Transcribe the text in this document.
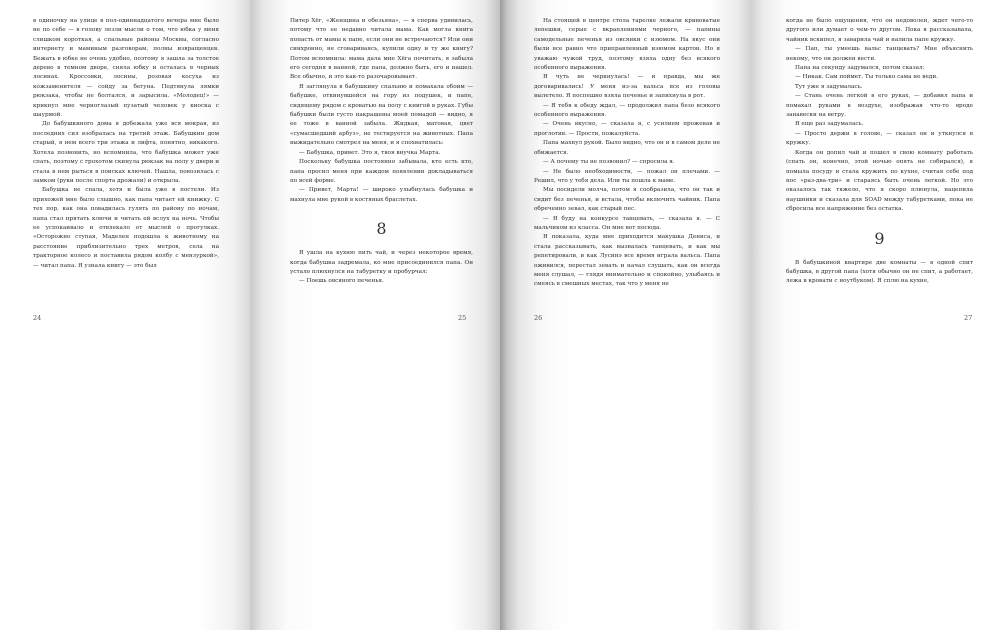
в одиночку на улице в пол-одиннадцатого вечера мне было не по себе — в голову лезли мысли о том, что юбка у меня слишком короткая, а спальные районы Москвы, согласно интернету и маминым разговорам, полны извращенцев. Бежать в юбке не очень удобно, поэтому я зашла за толстое дерево в темном дворе, сняла юбку и осталась в черных лосинах. Кроссовки, лосины, розовая косуха из кожзаменителя — сойду за бегуна. Подтянула лямки рюкзака, чтобы не болтался, и зарысила. «Молодец!» — крикнул мне черноглазый пузатый человек у киоска с шаурмой.

До бабушкиного дома я добежала уже вся мокрая, из последних сил взобралась на третий этаж. Бабушкин дом старый, в нем всего три этажа и лифта, понятно, никакого. Хотела позвонить, но вспомнила, что бабушка может уже спать, поэтому с грохотом скинула рюкзак на полу у двери и стала в нем рыться в поисках ключей. Нашла, повозилась с замком (руки после спорта дрожали) и открыла.

Бабушка не спала, хотя и была уже в постели. Из прихожей мне было слышно, как папа читает ей книжку. С тех пор, как она повадилась гулять по району по ночам, папа стал прятать ключи и читать ей вслух на ночь. Чтобы ее успокаивало и отвлекало от мыслей о прогулках. «Осторожно ступая, Маделен подошла к животному на расстояние приблизительно трех метров, села на тракторное колесо и поставила рядом колбу с мензуркой», — читал папа. Я узнала книгу — это был

24

Питер Хёг, «Женщина и обезьяна», — я сперва удивилась, потому что ее недавно читала мама. Как могла книга попасть от мамы к папе, если они не встречаются? Или они синхронно, не сговариваясь, купили одну и ту же книгу? Потом вспомнила: мама дала мне Хёга почитать, я забыла его сегодня в ванной, где папа, должно быть, его и нашел. Все обычно, и это как-то разочаровывает.

Я заглянула в бабушкину спальню и помахала обоим — бабушке, откинувшейся на гору из подушек, и папе, сидящему рядом с кроватью на полу с книгой в руках. Губы бабушки были густо накрашены моей помадой — видно, я ее тоже в ванной забыла. Жидкая, матовая, цвет «сумасшедший арбуз», не тестируется на животных. Папа выжидательно смотрел на меня, и я спохватилась:

— Бабушка, привет. Это я, твоя внучка Марта.

Поскольку бабушка постоянно забывала, кто есть кто, папа просил меня при каждом появлении докладываться по всей форме.

— Привет, Марта! — широко улыбнулась бабушка и махнула мне рукой в костяных браслетах.

8

Я ушла на кухню пить чай, и через некоторое время, когда бабушка задремала, ко мне присоединился папа. Он устало плюхнулся на табуретку и пробурчал:

— Поешь овсяного печенья.

25

На стоящей в центре стола тарелке лежали кривоватые лепешки, серые с вкраплениями черного, — папины самодельные печенья из овсянки с изюмом. На вкус они были все равно что приправленный изюмом картон. Но я уважаю чужой труд, поэтому взяла одну без всякого особенного выражения.

Я чуть не черкнулась! — и правда, мы же договаривались! У меня из-за вальса все из головы вылетело. Я поспешно взяла печенье и запихнула в рот.

— Я тебя к обеду ждал, — продолжил папа безо всякого особенного выражения.

— Очень вкусно, — сказала я, с усилием прожевав и проглотив. — Прости, пожалуйста.

Папа махнул рукой. Было видно, что он и в самом деле не обижается.

— А почему ты не позвонил? — спросила я.

— Не было необходимости, — пожал он плечами. — Решил, что у тебя дела. Или ты пошла к маме.

Мы посидели молча, потом я сообразила, что он так и сидит без печенья, и встала, чтобы включить чайник. Папа обреченно зевал, как старый пес.

— Я буду на конкурсе танцевать, — сказала я. — С мальчиком из класса. Он мне вот посюда.

Я показала, куда мне приходится макушка Дениса, и стала рассказывать, как вызвалась танцевать, и как мы репетировали, и как Лусинэ все время играла вальса. Папа оживился, перестал зевать и начал слушать, как он всегда меня слушал, — глядя внимательно и спокойно, улыбаясь и смеясь в смешных местах, так что у меня не

26

когда не было ощущения, что он недоволен, ждет чего-то другого или думает о чем-то другом. Пока я рассказывала, чайник вскипел, я заварила чай и налила папе кружку.

— Пап, ты умеешь вальс танцевать? Мне объяснить некому, что он должен вести.

Папа на секунду задумался, потом сказал:

— Никак. Сам поймет. Ты только сама не веди.

Тут уже я задумалась.

— Стань очень легкой в его руках, — добавил папа и помахал руками в воздухе, изображая что-то вроде занавески на ветру.

Я еще раз задумалась.

— Просто держи в голове, — сказал он и уткнулся в кружку.

Когда он допил чай и пошел в свою комнату работать (спать он, конечно, этой ночью опять не собирался), я помыла посуду и стала кружить по кухне, считая себе под нос «раз-два-три» и стараясь быть очень легкой. Но это оказалось так тяжело, что я скоро плюнула, нацепила наушники и сказала для SOAD между табуретками, пока не сбросила все напряжение без остатка.

9

В бабушкиной квартире две комнаты — в одной спит бабушка, в другой папа (хотя обычно он не спит, а работает, лежа в кровати с ноутбуком). Я сплю на кухне,

27
